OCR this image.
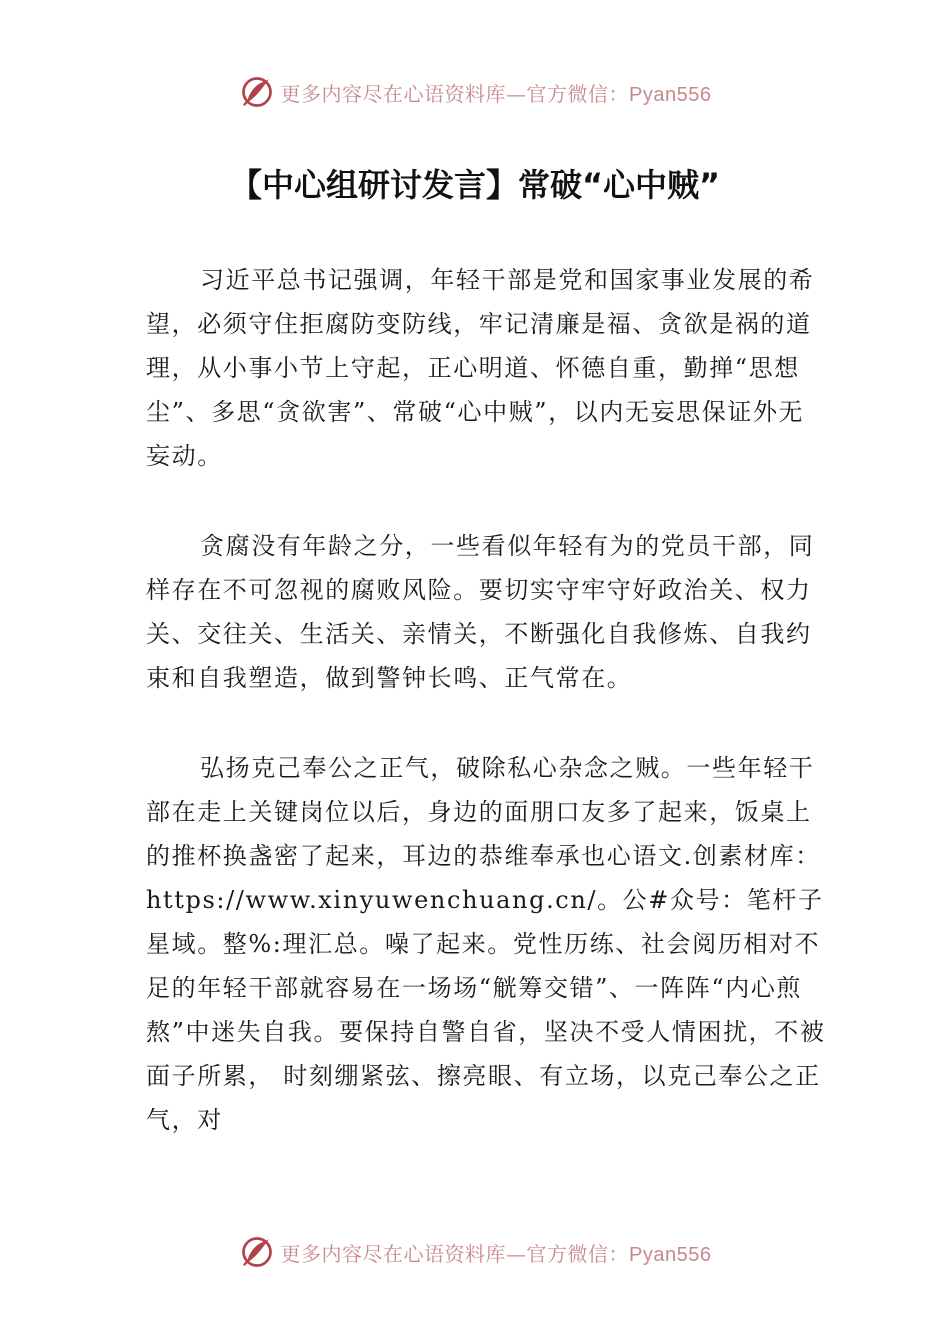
更多内容尽在心语资料库—官方微信：Pyan556
【中心组研讨发言】常破“心中贼”

习近平总书记强调，年轻干部是党和国家事业发展的希望，必须守住拒腐防变防线，牢记清廉是福、贪欲是祸的道理，从小事小节上守起，正心明道、怀德自重，勤掸“思想尘”、多思“贪欲害”、常破“心中贼”，以内无妄思保证外无妄动。

贪腐没有年龄之分，一些看似年轻有为的党员干部，同样存在不可忽视的腐败风险。要切实守牢守好政治关、权力关、交往关、生活关、亲情关，不断强化自我修炼、自我约束和自我塑造，做到警钟长鸣、正气常在。

弘扬克己奉公之正气，破除私心杂念之贼。一些年轻干部在走上关键岗位以后，身边的面朋口友多了起来，饭桌上的推杯换盏密了起来，耳边的恭维奉承也心语文.创素材库：https://www.xinyuwenchuang.cn/。公#众号：笔杆子星域。整%:理汇总。噪了起来。党性历练、社会阅历相对不足的年轻干部就容易在一场场“觥筹交错”、一阵阵“内心煎熬”中迷失自我。要保持自警自省，坚决不受人情困扰，不被面子所累， 时刻绷紧弦、擦亮眼、有立场，以克己奉公之正气，对

更多内容尽在心语资料库—官方微信：Pyan556
